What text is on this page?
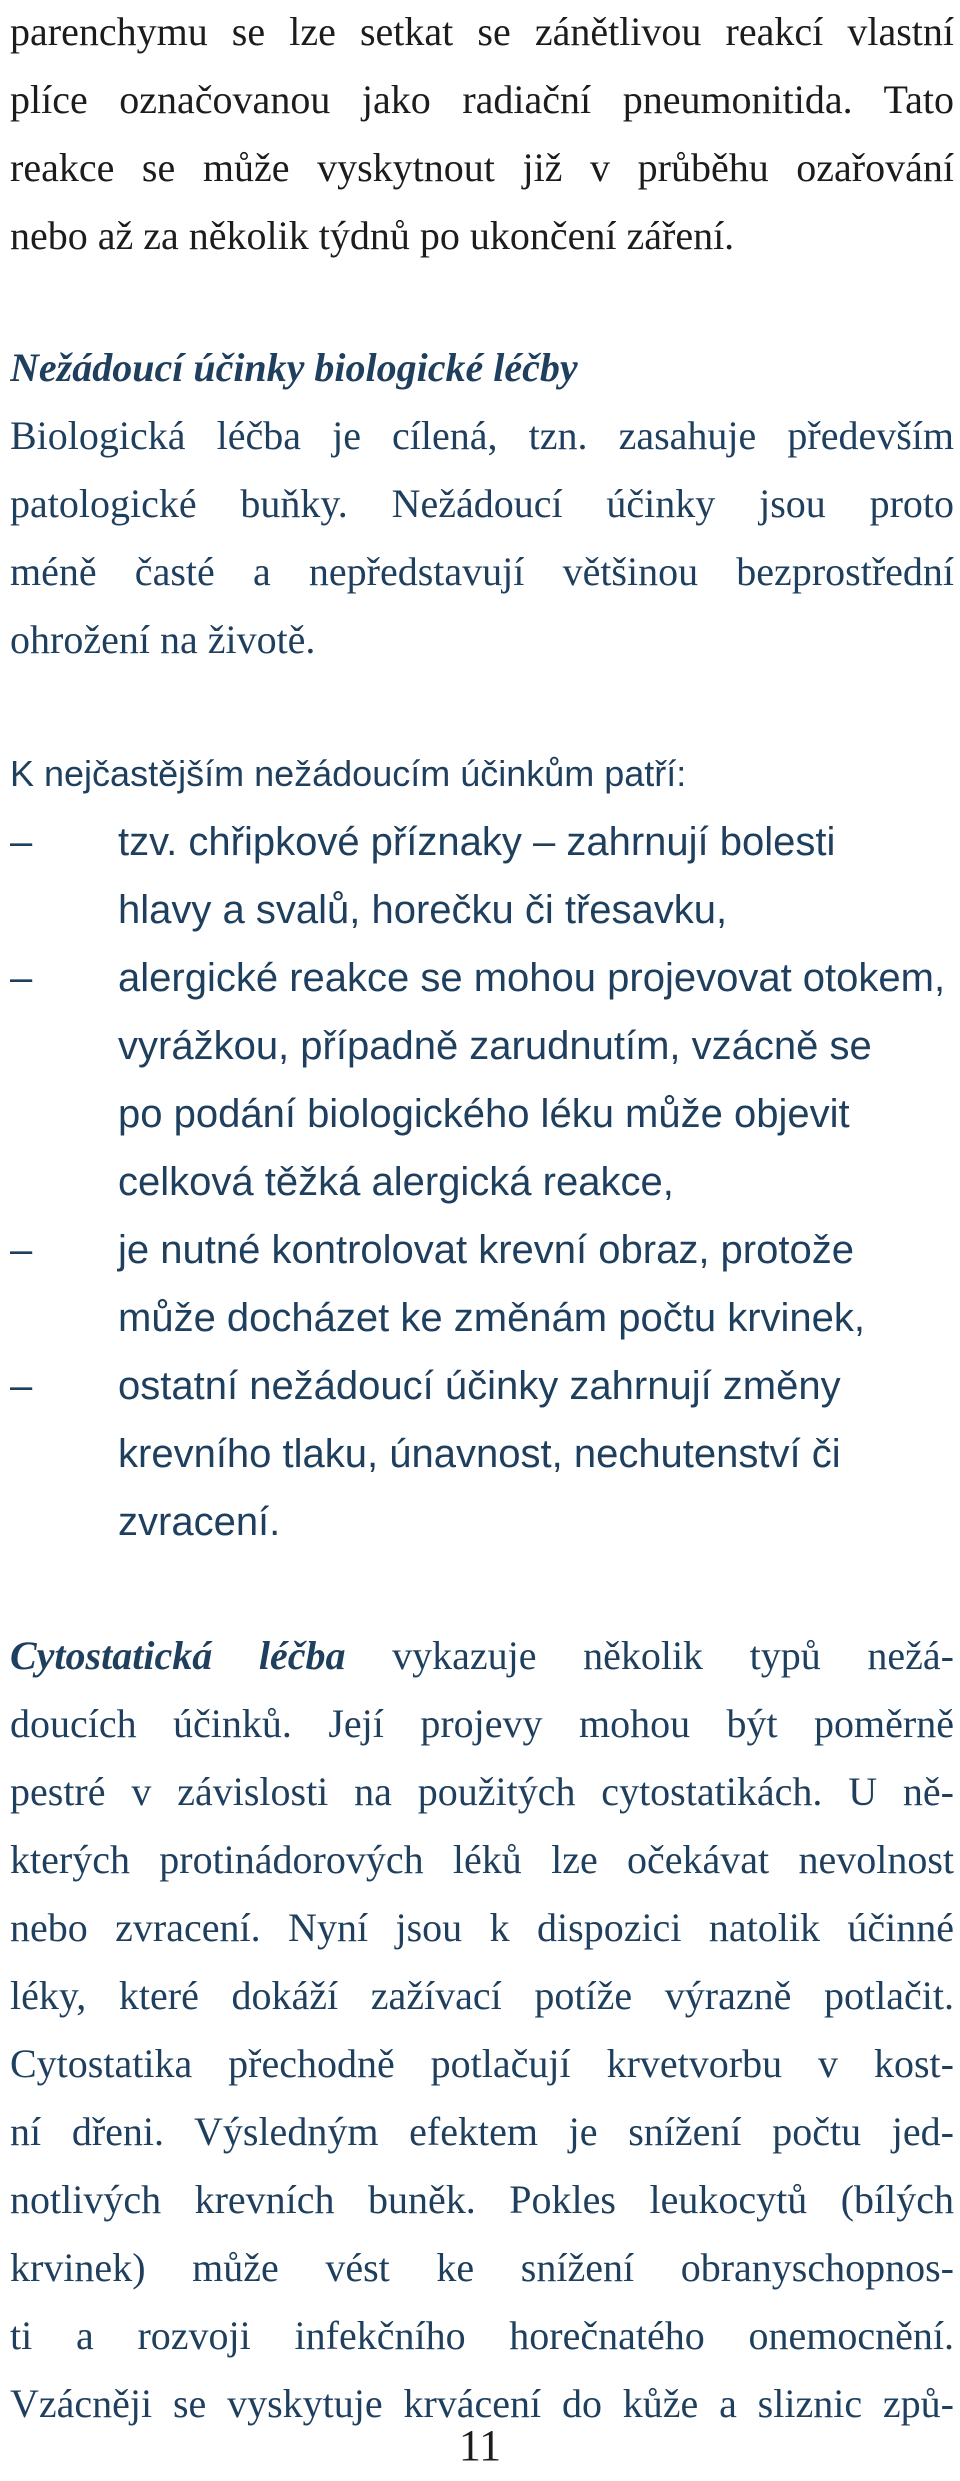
parenchymu se lze setkat se zánětlivou reakcí vlastní
plíce označovanou jako radiační pneumonitida. Tato
reakce se může vyskytnout již v průběhu ozařování
nebo až za několik týdnů po ukončení záření.
Nežádoucí účinky biologické léčby
Biologická léčba je cílená, tzn. zasahuje především
patologické buňky. Nežádoucí účinky jsou proto
méně časté a nepředstavují většinou bezprostřední
ohrožení na životě.
K nejčastějším nežádoucím účinkům patří:
– tzv. chřipkové příznaky – zahrnují bolesti
hlavy a svalů, horečku či třesavku,
– alergické reakce se mohou projevovat otokem,
vyrážkou, případně zarudnutím, vzácně se
po podání biologického léku může objevit
celková těžká alergická reakce,
– je nutné kontrolovat krevní obraz, protože
může docházet ke změnám počtu krvinek,
– ostatní nežádoucí účinky zahrnují změny
krevního tlaku, únavnost, nechutenství či
zvracení.
Cytostatická léčba vykazuje několik typů nežá-
doucích účinků. Její projevy mohou být poměrně
pestré v závislosti na použitých cytostatikách. U ně-
kterých protinádorových léků lze očekávat nevolnost
nebo zvracení. Nyní jsou k dispozici natolik účinné
léky, které dokáží zažívací potíže výrazně potlačit.
Cytostatika přechodně potlačují krvetvorbu v kost-
ní dřeni. Výsledným efektem je snížení počtu jed-
notlivých krevních buněk. Pokles leukocytů (bílých
krvinek) může vést ke snížení obranyschopnos-
ti a rozvoji infekčního horečnatého onemocnění.
Vzácněji se vyskytuje krvácení do kůže a sliznic způ-
11
